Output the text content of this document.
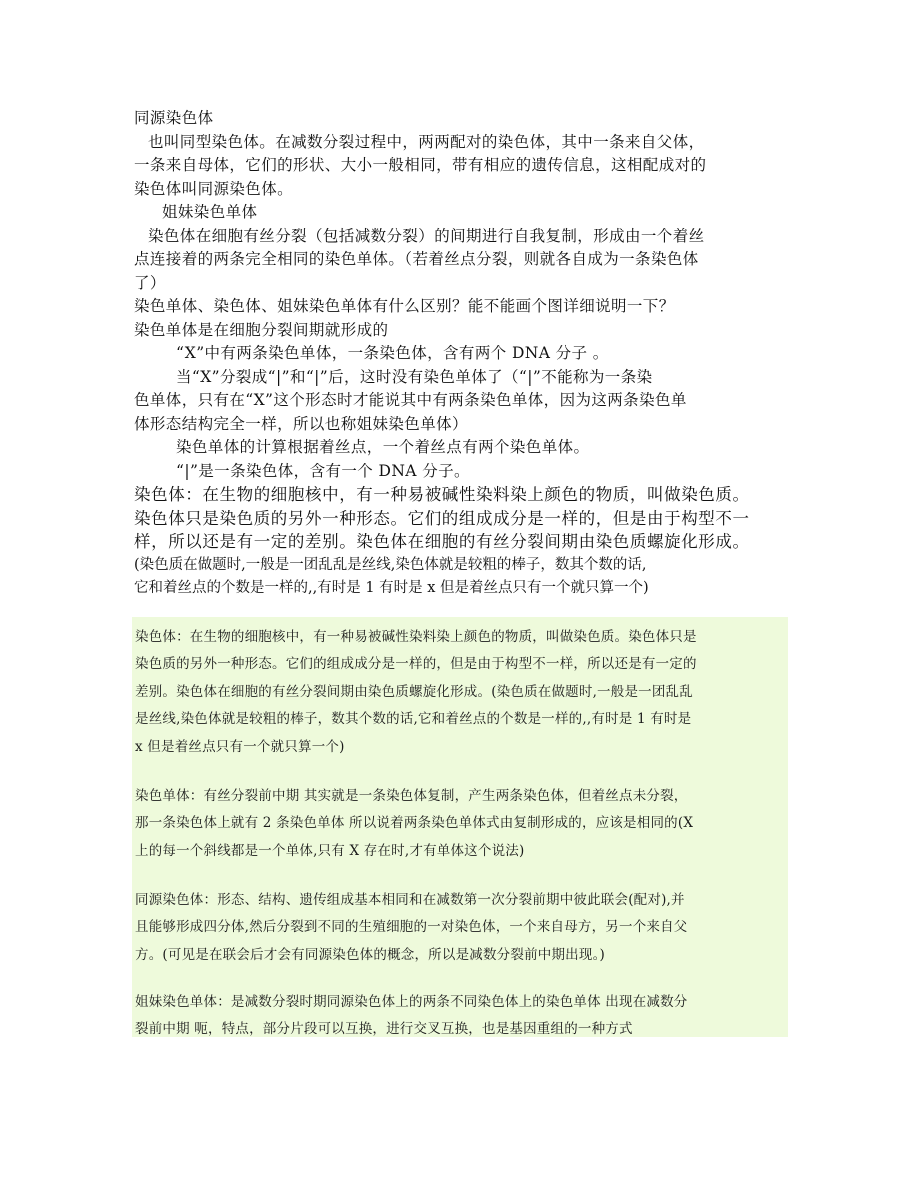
同源染色体
也叫同型染色体。在减数分裂过程中，两两配对的染色体，其中一条来自父体，
一条来自母体，它们的形状、大小一般相同，带有相应的遗传信息，这相配成对的
染色体叫同源染色体。
姐妹染色单体
染色体在细胞有丝分裂（包括减数分裂）的间期进行自我复制，形成由一个着丝
点连接着的两条完全相同的染色单体。（若着丝点分裂，则就各自成为一条染色体
了）
染色单体、染色体、姐妹染色单体有什么区别？能不能画个图详细说明一下？
染色单体是在细胞分裂间期就形成的
“X”中有两条染色单体，一条染色体，含有两个 DNA 分子 。
当“X”分裂成“|”和“|”后，这时没有染色单体了（“|”不能称为一条染
色单体，只有在“X”这个形态时才能说其中有两条染色单体，因为这两条染色单
体形态结构完全一样，所以也称姐妹染色单体）
染色单体的计算根据着丝点，一个着丝点有两个染色单体。
“|”是一条染色体，含有一个 DNA 分子。
染色体：在生物的细胞核中，有一种易被碱性染料染上颜色的物质，叫做染色质。
染色体只是染色质的另外一种形态。它们的组成成分是一样的，但是由于构型不一
样，所以还是有一定的差别。染色体在细胞的有丝分裂间期由染色质螺旋化形成。
(染色质在做题时,一般是一团乱乱是丝线,染色体就是较粗的棒子，数其个数的话,
它和着丝点的个数是一样的,,有时是 1 有时是 x 但是着丝点只有一个就只算一个)
染色体：在生物的细胞核中，有一种易被碱性染料染上颜色的物质，叫做染色质。染色体只是
染色质的另外一种形态。它们的组成成分是一样的，但是由于构型不一样，所以还是有一定的
差别。染色体在细胞的有丝分裂间期由染色质螺旋化形成。(染色质在做题时,一般是一团乱乱
是丝线,染色体就是较粗的棒子，数其个数的话,它和着丝点的个数是一样的,,有时是 1 有时是
x 但是着丝点只有一个就只算一个)
染色单体：有丝分裂前中期 其实就是一条染色体复制，产生两条染色体，但着丝点未分裂，
那一条染色体上就有 2 条染色单体 所以说着两条染色单体式由复制形成的，应该是相同的(X
上的每一个斜线都是一个单体,只有 X 存在时,才有单体这个说法)
同源染色体：形态、结构、遗传组成基本相同和在减数第一次分裂前期中彼此联会(配对),并
且能够形成四分体,然后分裂到不同的生殖细胞的一对染色体，一个来自母方，另一个来自父
方。(可见是在联会后才会有同源染色体的概念，所以是减数分裂前中期出现。)
姐妹染色单体：是减数分裂时期同源染色体上的两条不同染色体上的染色单体 出现在减数分
裂前中期 呃，特点，部分片段可以互换，进行交叉互换，也是基因重组的一种方式
